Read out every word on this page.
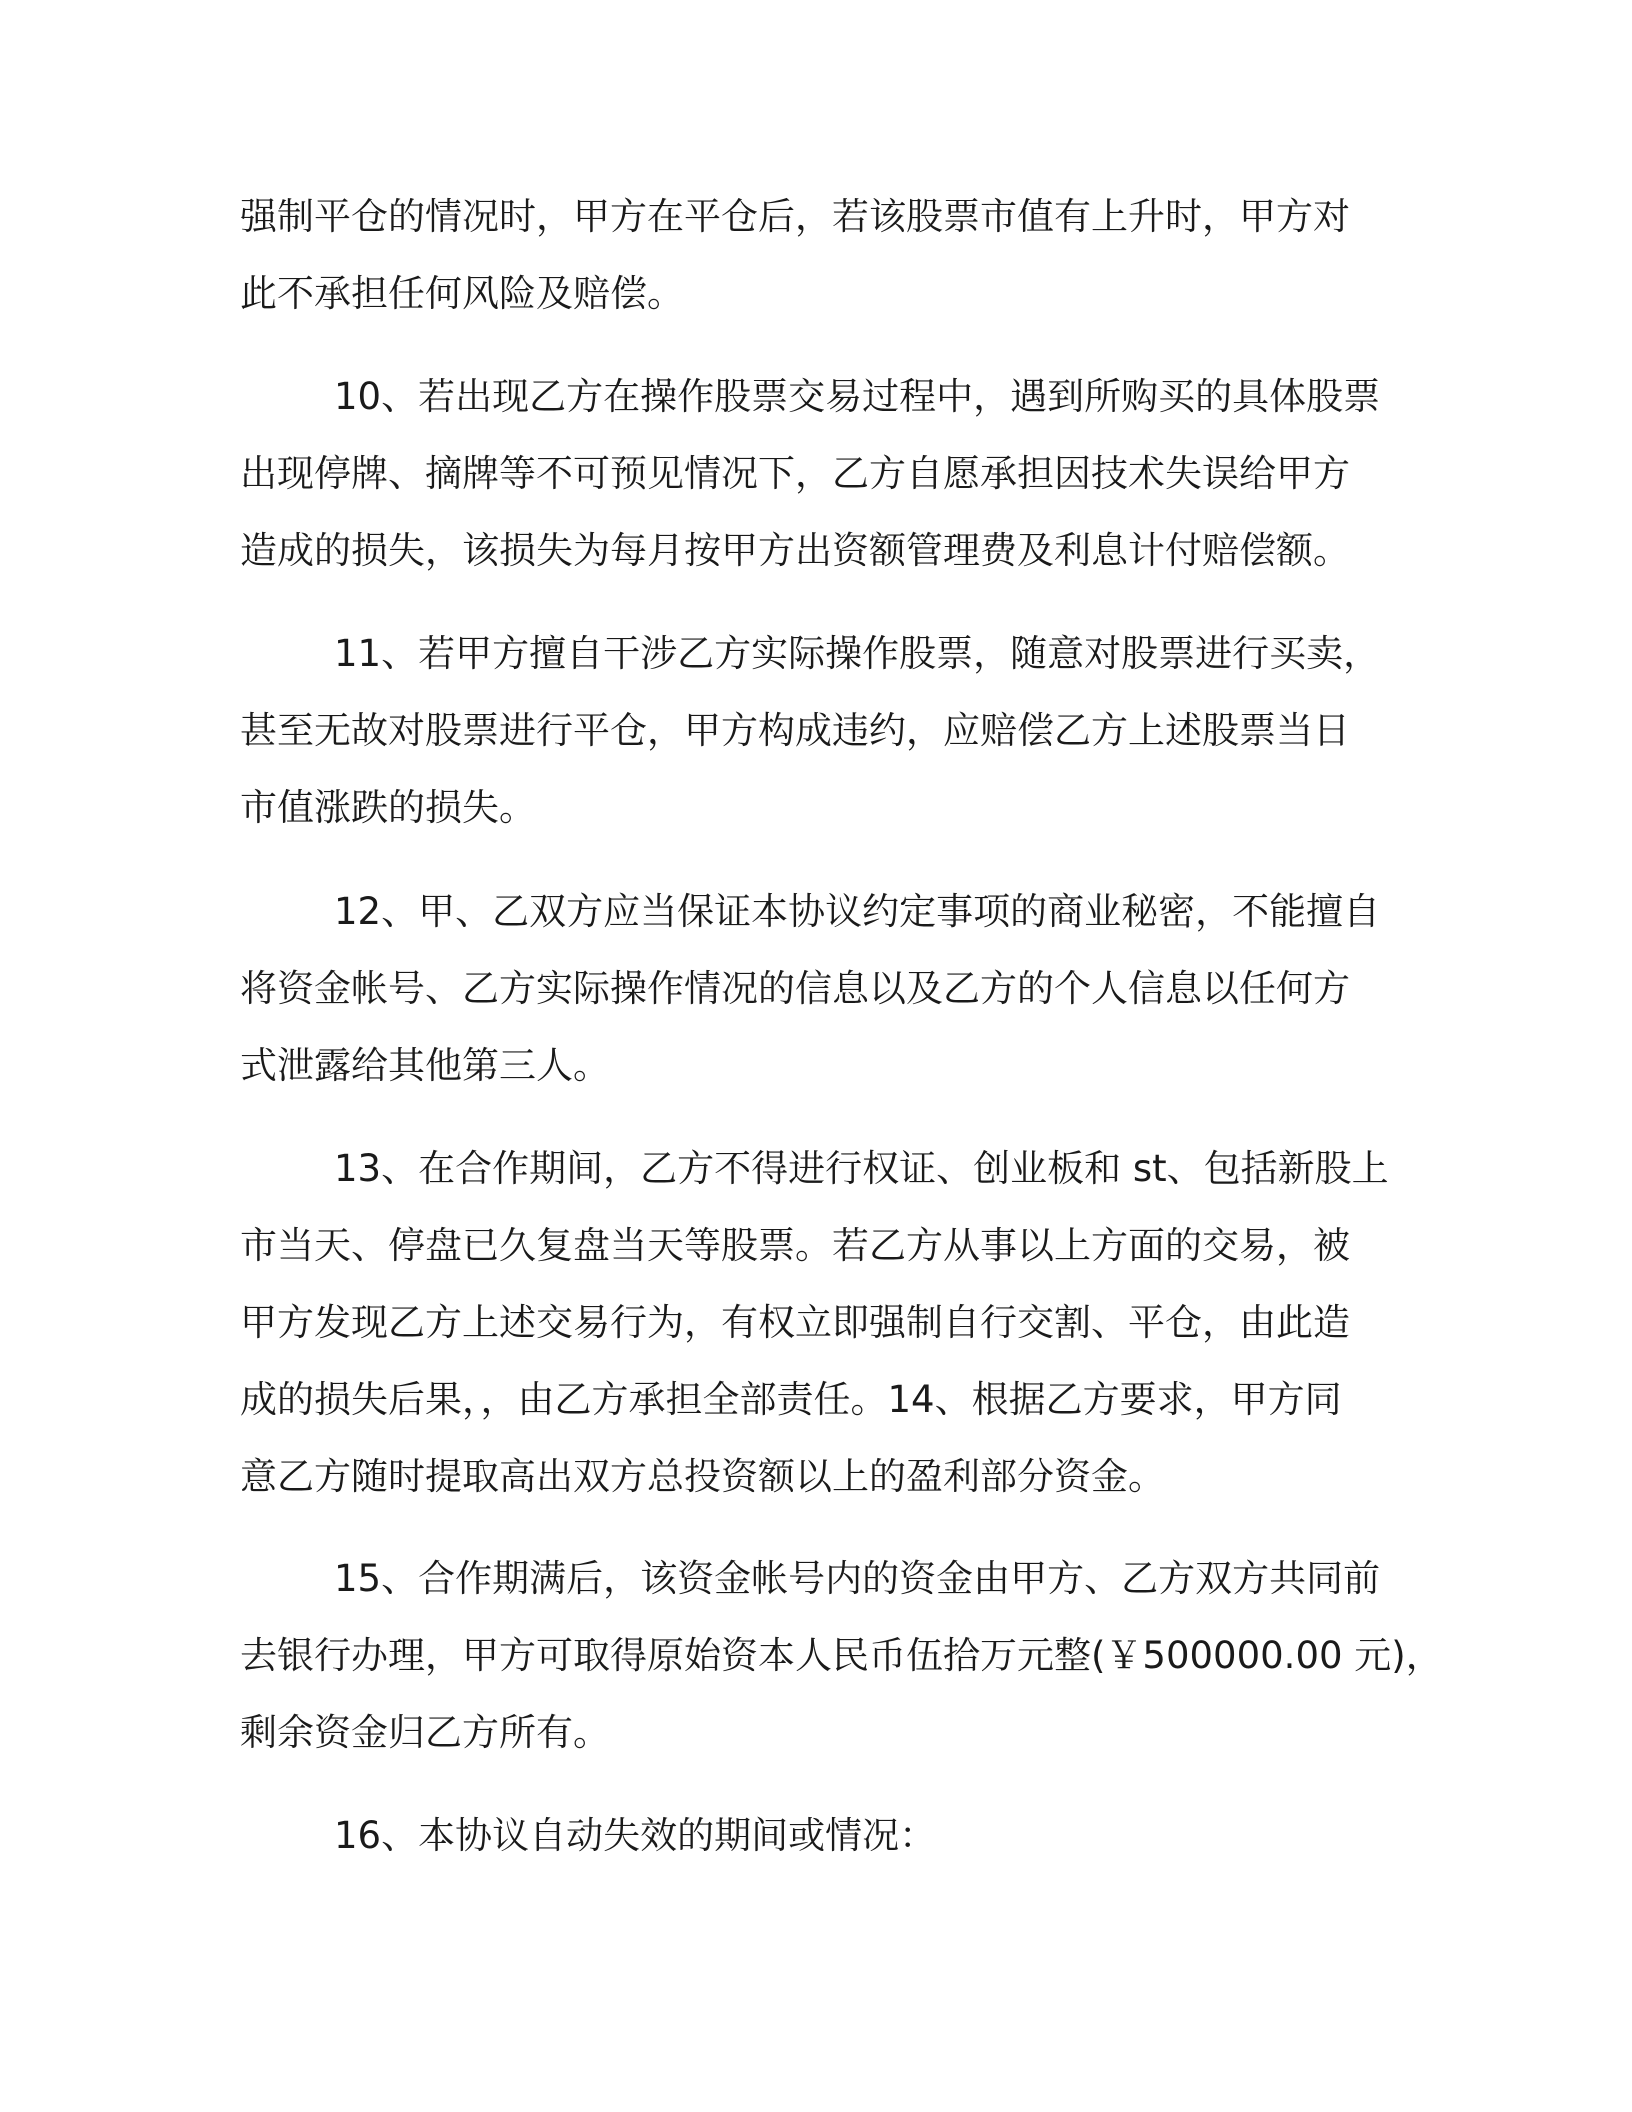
强制平仓的情况时，甲方在平仓后，若该股票市值有上升时，甲方对
此不承担任何风险及赔偿。
10、若出现乙方在操作股票交易过程中，遇到所购买的具体股票
出现停牌、摘牌等不可预见情况下，乙方自愿承担因技术失误给甲方
造成的损失，该损失为每月按甲方出资额管理费及利息计付赔偿额。
11、若甲方擅自干涉乙方实际操作股票，随意对股票进行买卖，
甚至无故对股票进行平仓，甲方构成违约，应赔偿乙方上述股票当日
市值涨跌的损失。
12、甲、乙双方应当保证本协议约定事项的商业秘密，不能擅自
将资金帐号、乙方实际操作情况的信息以及乙方的个人信息以任何方
式泄露给其他第三人。
13、在合作期间，乙方不得进行权证、创业板和 st、包括新股上
市当天、停盘已久复盘当天等股票。若乙方从事以上方面的交易，被
甲方发现乙方上述交易行为，有权立即强制自行交割、平仓，由此造
成的损失后果，，由乙方承担全部责任。14、根据乙方要求，甲方同
意乙方随时提取高出双方总投资额以上的盈利部分资金。
15、合作期满后，该资金帐号内的资金由甲方、乙方双方共同前
去银行办理，甲方可取得原始资本人民币伍拾万元整(￥500000.00 元)，
剩余资金归乙方所有。
16、本协议自动失效的期间或情况：
